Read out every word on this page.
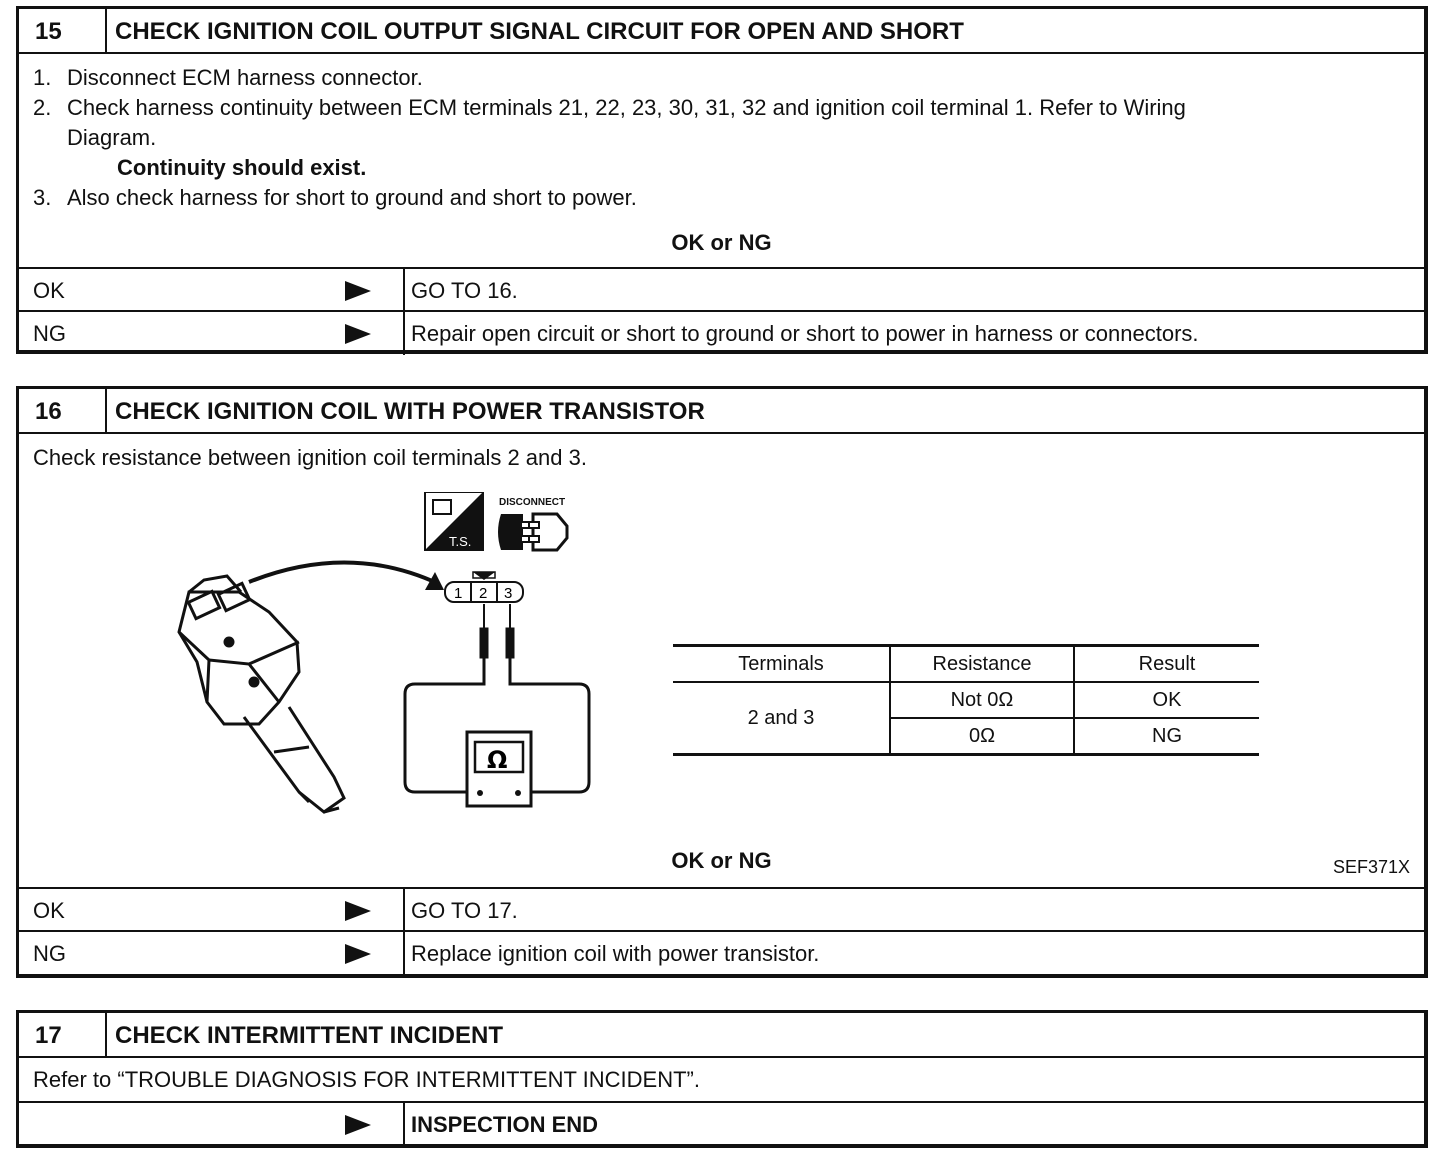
15	CHECK IGNITION COIL OUTPUT SIGNAL CIRCUIT FOR OPEN AND SHORT
1. Disconnect ECM harness connector.
2. Check harness continuity between ECM terminals 21, 22, 23, 30, 31, 32 and ignition coil terminal 1. Refer to Wiring
Diagram.
Continuity should exist.
3. Also check harness for short to ground and short to power.
OK or NG
OK	GO TO 16.
NG	Repair open circuit or short to ground or short to power in harness or connectors.
16	CHECK IGNITION COIL WITH POWER TRANSISTOR
Check resistance between ignition coil terminals 2 and 3.
T.S.
DISCONNECT
1 2 3
Ω
Terminals	Resistance	Result
2 and 3	Not 0Ω	OK
	0Ω	NG
SEF371X
OK or NG
OK	GO TO 17.
NG	Replace ignition coil with power transistor.
17	CHECK INTERMITTENT INCIDENT
Refer to “TROUBLE DIAGNOSIS FOR INTERMITTENT INCIDENT”.
INSPECTION END
